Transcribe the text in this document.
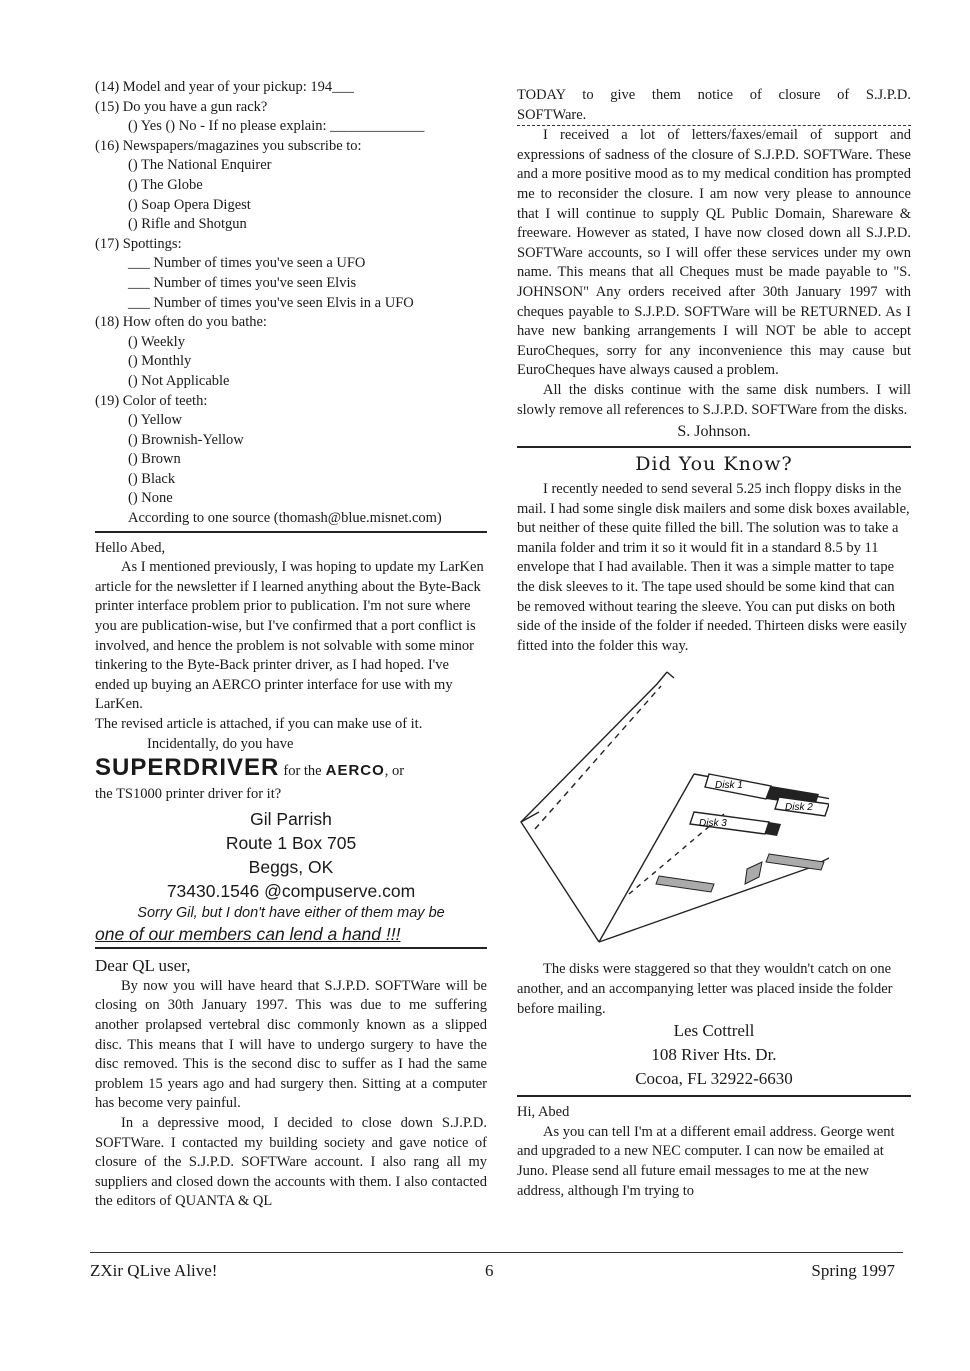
(14) Model and year of your pickup: 194___
(15) Do you have a gun rack?
() Yes () No - If no please explain: _____________
(16) Newspapers/magazines you subscribe to:
() The National Enquirer
() The Globe
() Soap Opera Digest
() Rifle and Shotgun
(17) Spottings:
___ Number of times you've seen a UFO
___ Number of times you've seen Elvis
___ Number of times you've seen Elvis in a UFO
(18) How often do you bathe:
() Weekly
() Monthly
() Not Applicable
(19) Color of teeth:
() Yellow
() Brownish-Yellow
() Brown
() Black
() None
According to one source (thomash@blue.misnet.com)
Hello Abed,
As I mentioned previously, I was hoping to update my LarKen article for the newsletter if I learned anything about the Byte-Back printer interface problem prior to publication. I'm not sure where you are publication-wise, but I've confirmed that a port conflict is involved, and hence the problem is not solvable with some minor tinkering to the Byte-Back printer driver, as I had hoped. I've ended up buying an AERCO printer interface for use with my LarKen.
The revised article is attached, if you can make use of it.
Incidentally, do you have
SUPERDRIVER for the AERCO, or
the TS1000 printer driver for it?
Gil Parrish
Route 1 Box 705
Beggs, OK
73430.1546 @compuserve.com
Sorry Gil, but I don't have either of them may be
one of our members can lend a hand !!!
Dear QL user,

By now you will have heard that S.J.P.D. SOFTWare will be closing on 30th January 1997. This was due to me suffering another prolapsed vertebral disc commonly known as a slipped disc. This means that I will have to undergo surgery to have the disc removed. This is the second disc to suffer as I had the same problem 15 years ago and had surgery then. Sitting at a computer has become very painful.

In a depressive mood, I decided to close down S.J.P.D. SOFTWare. I contacted my building society and gave notice of closure of the S.J.P.D. SOFTWare account. I also rang all my suppliers and closed down the accounts with them. I also contacted the editors of QUANTA & QL

TODAY to give them notice of closure of S.J.P.D.
SOFTWare.

I received a lot of letters/faxes/email of support and expressions of sadness of the closure of S.J.P.D. SOFTWare. These and a more positive mood as to my medical condition has prompted me to reconsider the closure. I am now very please to announce that I will continue to supply QL Public Domain, Shareware & freeware. However as stated, I have now closed down all S.J.P.D. SOFTWare accounts, so I will offer these services under my own name. This means that all Cheques must be made payable to "S. JOHNSON" Any orders received after 30th January 1997 with cheques payable to S.J.P.D. SOFTWare will be RETURNED. As I have new banking arrangements I will NOT be able to accept EuroCheques, sorry for any inconvenience this may cause but EuroCheques have always caused a problem.

All the disks continue with the same disk numbers. I will slowly remove all references to S.J.P.D. SOFTWare from the disks.

S. Johnson.
Did You Know?
I recently needed to send several 5.25 inch floppy disks in the mail. I had some single disk mailers and some disk boxes available, but neither of these quite filled the bill. The solution was to take a manila folder and trim it so it would fit in a standard 8.5 by 11 envelope that I had available. Then it was a simple matter to tape the disk sleeves to it. The tape used should be some kind that can be removed without tearing the sleeve. You can put disks on both side of the inside of the folder if needed. Thirteen disks were easily fitted into the folder this way.
Disk 1
Disk 2
Disk 3
The disks were staggered so that they wouldn't catch on one another, and an accompanying letter was placed inside the folder before mailing.
Les Cottrell
108 River Hts. Dr.
Cocoa, FL 32922-6630
Hi, Abed
As you can tell I'm at a different email address. George went and upgraded to a new NEC computer. I can now be emailed at Juno. Please send all future email messages to me at the new address, although I'm trying to
ZXir QLive Alive!	6	Spring 1997
